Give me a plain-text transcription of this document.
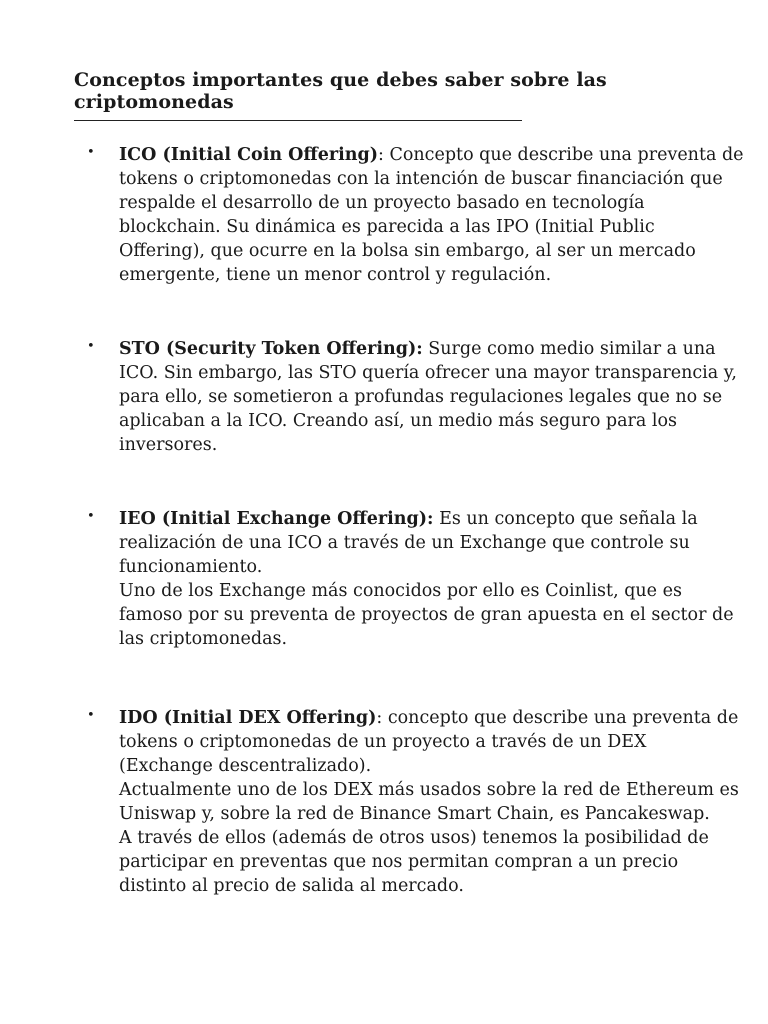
Conceptos importantes que debes saber sobre las criptomonedas
• ICO (Initial Coin Offering): Concepto que describe una preventa de
tokens o criptomonedas con la intención de buscar financiación que
respalde el desarrollo de un proyecto basado en tecnología
blockchain. Su dinámica es parecida a las IPO (Initial Public
Offering), que ocurre en la bolsa sin embargo, al ser un mercado
emergente, tiene un menor control y regulación.
• STO (Security Token Offering): Surge como medio similar a una
ICO. Sin embargo, las STO quería ofrecer una mayor transparencia y,
para ello, se sometieron a profundas regulaciones legales que no se
aplicaban a la ICO. Creando así, un medio más seguro para los
inversores.
• IEO (Initial Exchange Offering): Es un concepto que señala la
realización de una ICO a través de un Exchange que controle su
funcionamiento.
Uno de los Exchange más conocidos por ello es Coinlist, que es
famoso por su preventa de proyectos de gran apuesta en el sector de
las criptomonedas.
• IDO (Initial DEX Offering): concepto que describe una preventa de
tokens o criptomonedas de un proyecto a través de un DEX
(Exchange descentralizado).
Actualmente uno de los DEX más usados sobre la red de Ethereum es
Uniswap y, sobre la red de Binance Smart Chain, es Pancakeswap.
A través de ellos (además de otros usos) tenemos la posibilidad de
participar en preventas que nos permitan compran a un precio
distinto al precio de salida al mercado.
